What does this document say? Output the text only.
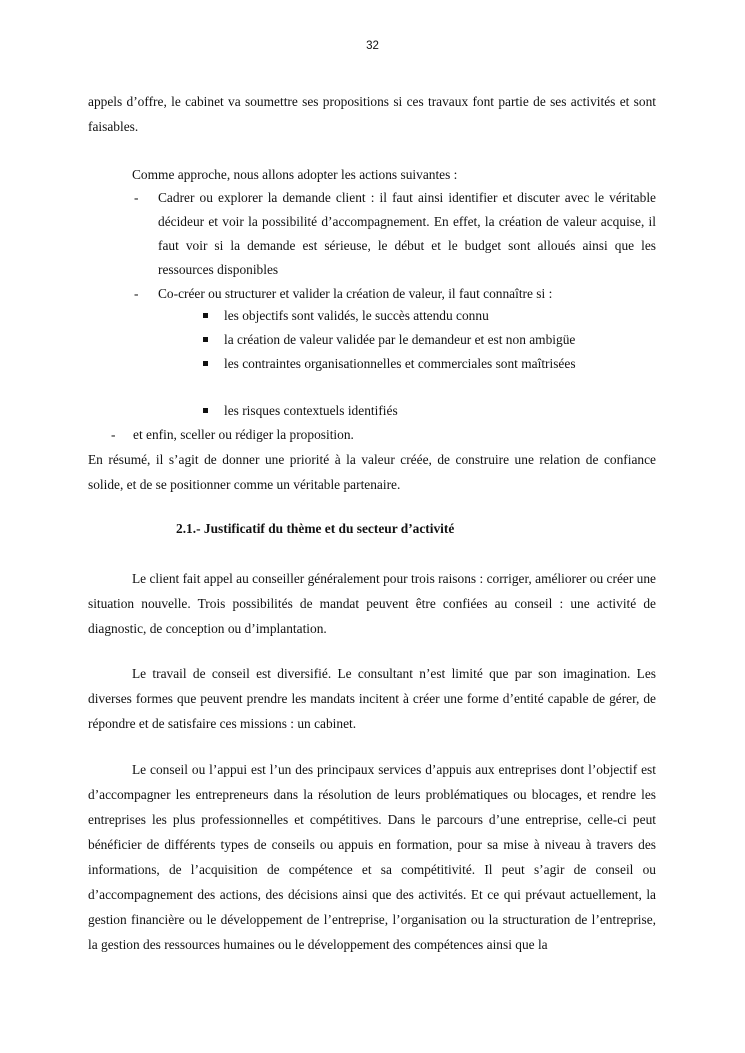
32

appels d’offre, le cabinet va soumettre ses propositions si ces travaux font partie de ses activités et sont faisables.

Comme approche, nous allons adopter les actions suivantes :

- Cadrer ou explorer la demande client : il faut ainsi identifier et discuter avec le véritable décideur et voir la possibilité d’accompagnement. En effet, la création de valeur acquise, il faut voir si la demande est sérieuse, le début et le budget sont alloués ainsi que les ressources disponibles

- Co-créer ou structurer et valider la création de valeur, il faut connaître si :

les objectifs sont validés, le succès attendu connu

la création de valeur validée par le demandeur et est non ambigüe

les contraintes organisationnelles et commerciales sont maîtrisées

les risques contextuels identifiés

- et enfin, sceller ou rédiger la proposition.

En résumé, il s’agit de donner une priorité à la valeur créée, de construire une relation de confiance solide, et de se positionner comme un véritable partenaire.

2.1.- Justificatif du thème et du secteur d’activité

Le client fait appel au conseiller généralement pour trois raisons : corriger, améliorer ou créer une situation nouvelle. Trois possibilités de mandat peuvent être confiées au conseil : une activité de diagnostic, de conception ou d’implantation.

Le travail de conseil est diversifié. Le consultant n’est limité que par son imagination. Les diverses formes que peuvent prendre les mandats incitent à créer une forme d’entité capable de gérer, de répondre et de satisfaire ces missions : un cabinet.

Le conseil ou l’appui est l’un des principaux services d’appuis aux entreprises dont l’objectif est d’accompagner les entrepreneurs dans la résolution de leurs problématiques ou blocages, et rendre les entreprises les plus professionnelles et compétitives. Dans le parcours d’une entreprise, celle-ci peut bénéficier de différents types de conseils ou appuis en formation, pour sa mise à niveau à travers des informations, de l’acquisition de compétence et sa compétitivité. Il peut s’agir de conseil ou d’accompagnement des actions, des décisions ainsi que des activités. Et ce qui prévaut actuellement, la gestion financière ou le développement de l’entreprise, l’organisation ou la structuration de l’entreprise, la gestion des ressources humaines ou le développement des compétences ainsi que la
